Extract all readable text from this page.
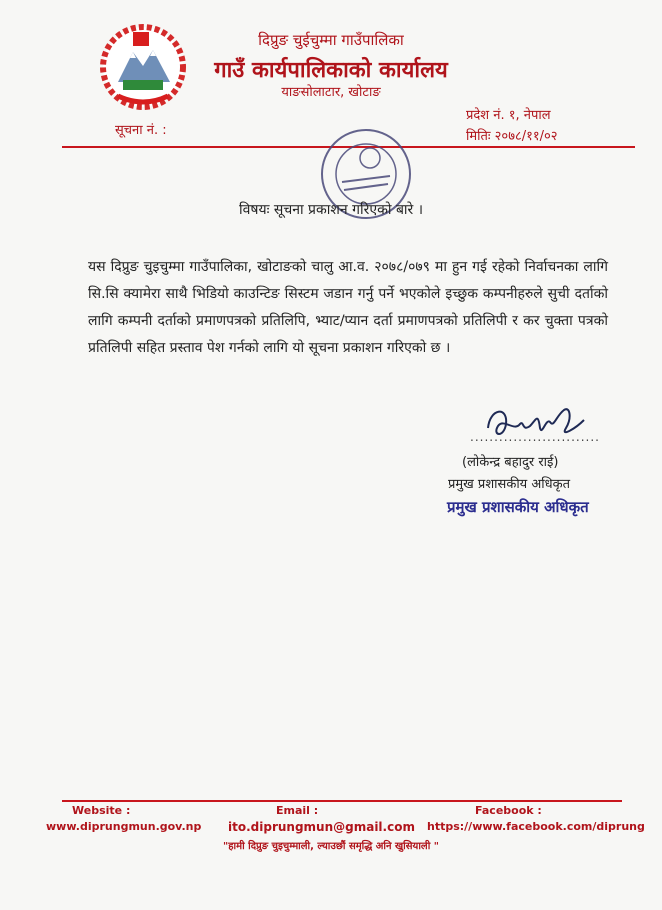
दिप्रुङ चुईचुम्मा गाउँपालिका
गाउँ कार्यपालिकाको कार्यालय
याङसोलाटार, खोटाङ
सूचना नं. :
प्रदेश नं. १, नेपाल
मितिः २०७८/११/०२
विषयः सूचना प्रकाशन गरिएको बारे ।
यस दिप्रुङ चुइचुम्मा गाउँपालिका, खोटाङको चालु आ.व. २०७८/०७९ मा हुन गई रहेको निर्वाचनका लागि सि.सि क्यामेरा साथै भिडियो काउन्टिङ सिस्टम जडान गर्नु पर्ने भएकोले इच्छुक कम्पनीहरुले सुची दर्ताको लागि कम्पनी दर्ताको प्रमाणपत्रको प्रतिलिपि, भ्याट/प्यान दर्ता प्रमाणपत्रको प्रतिलिपी र कर चुक्ता पत्रको प्रतिलिपी सहित प्रस्ताव पेश गर्नको लागि यो सूचना प्रकाशन गरिएको छ ।
...........................
(लोकेन्द्र बहादुर राई)
प्रमुख प्रशासकीय अधिकृत
प्रमुख प्रशासकीय अधिकृत
Website :
www.diprungmun.gov.np
Email :
ito.diprungmun@gmail.com
Facebook :
https://www.facebook.com/diprung
"हामी दिप्रुङ चुइचुम्माली, ल्याउछौं समृद्धि अनि खुसियाली "
